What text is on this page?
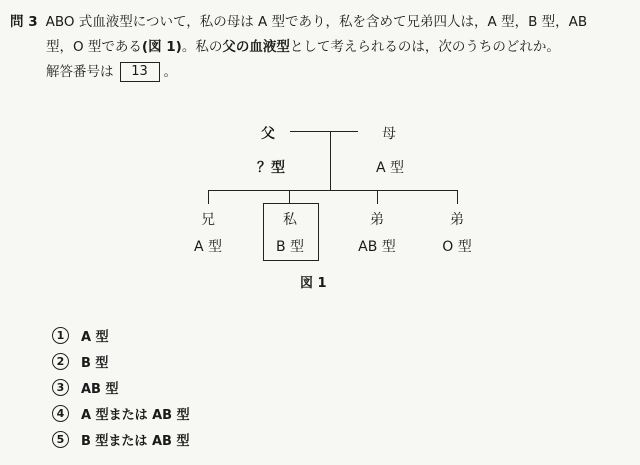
問 3 ABO 式血液型について，私の母は A 型であり，私を含めて兄弟四人は，A 型，B 型，AB
型，O 型である(図 1)。私の父の血液型として考えられるのは，次のうちのどれか。
解答番号は 13 。
父
？型
母
A 型
兄
A 型
私
B 型
弟
AB 型
弟
O 型
図 1
1	A 型
2	B 型
3	AB 型
4	A 型または AB 型
5	B 型または AB 型
